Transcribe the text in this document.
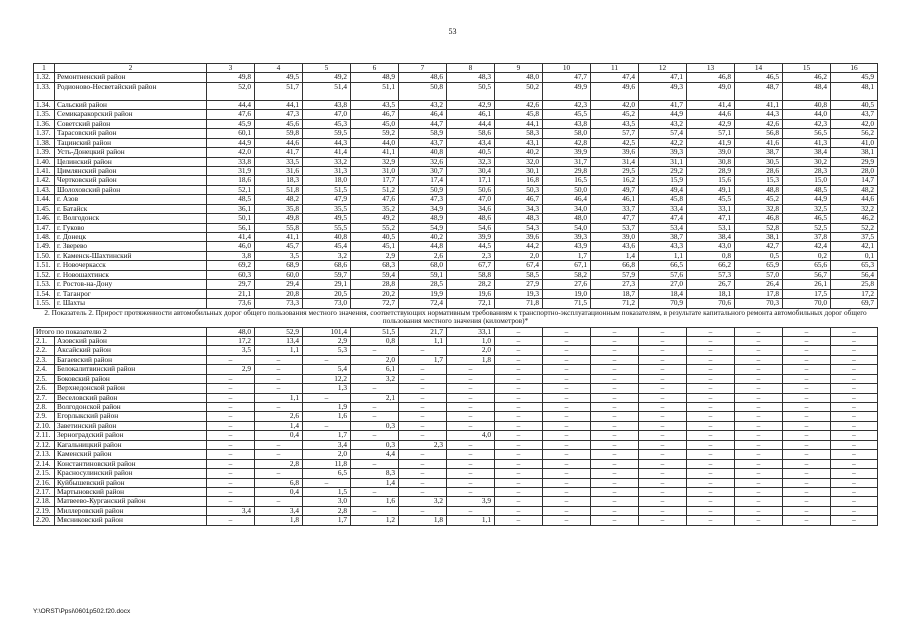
53
1	2	3	4	5	6	7	8	9	10	11	12	13	14	15	16
1.32.	Ремонтненский район	49,8	49,5	49,2	48,9	48,6	48,3	48,0	47,7	47,4	47,1	46,8	46,5	46,2	45,9
1.33.	Родионово-Несветайский район	52,0	51,7	51,4	51,1	50,8	50,5	50,2	49,9	49,6	49,3	49,0	48,7	48,4	48,1
1.34.	Сальский район	44,4	44,1	43,8	43,5	43,2	42,9	42,6	42,3	42,0	41,7	41,4	41,1	40,8	40,5
1.35.	Семикаракорский район	47,6	47,3	47,0	46,7	46,4	46,1	45,8	45,5	45,2	44,9	44,6	44,3	44,0	43,7
1.36.	Советский район	45,9	45,6	45,3	45,0	44,7	44,4	44,1	43,8	43,5	43,2	42,9	42,6	42,3	42,0
1.37.	Тарасовский район	60,1	59,8	59,5	59,2	58,9	58,6	58,3	58,0	57,7	57,4	57,1	56,8	56,5	56,2
1.38.	Тацинский район	44,9	44,6	44,3	44,0	43,7	43,4	43,1	42,8	42,5	42,2	41,9	41,6	41,3	41,0
1.39.	Усть-Донецкий район	42,0	41,7	41,4	41,1	40,8	40,5	40,2	39,9	39,6	39,3	39,0	38,7	38,4	38,1
1.40.	Целинский район	33,8	33,5	33,2	32,9	32,6	32,3	32,0	31,7	31,4	31,1	30,8	30,5	30,2	29,9
1.41.	Цимлянский район	31,9	31,6	31,3	31,0	30,7	30,4	30,1	29,8	29,5	29,2	28,9	28,6	28,3	28,0
1.42.	Чертковский район	18,6	18,3	18,0	17,7	17,4	17,1	16,8	16,5	16,2	15,9	15,6	15,3	15,0	14,7
1.43.	Шолоховский район	52,1	51,8	51,5	51,2	50,9	50,6	50,3	50,0	49,7	49,4	49,1	48,8	48,5	48,2
1.44.	г. Азов	48,5	48,2	47,9	47,6	47,3	47,0	46,7	46,4	46,1	45,8	45,5	45,2	44,9	44,6
1.45.	г. Батайск	36,1	35,8	35,5	35,2	34,9	34,6	34,3	34,0	33,7	33,4	33,1	32,8	32,5	32,2
1.46.	г. Волгодонск	50,1	49,8	49,5	49,2	48,9	48,6	48,3	48,0	47,7	47,4	47,1	46,8	46,5	46,2
1.47.	г. Гуково	56,1	55,8	55,5	55,2	54,9	54,6	54,3	54,0	53,7	53,4	53,1	52,8	52,5	52,2
1.48.	г. Донецк	41,4	41,1	40,8	40,5	40,2	39,9	39,6	39,3	39,0	38,7	38,4	38,1	37,8	37,5
1.49.	г. Зверево	46,0	45,7	45,4	45,1	44,8	44,5	44,2	43,9	43,6	43,3	43,0	42,7	42,4	42,1
1.50.	г. Каменск-Шахтинский	3,8	3,5	3,2	2,9	2,6	2,3	2,0	1,7	1,4	1,1	0,8	0,5	0,2	0,1
1.51.	г. Новочеркасск	69,2	68,9	68,6	68,3	68,0	67,7	67,4	67,1	66,8	66,5	66,2	65,9	65,6	65,3
1.52.	г. Новошахтинск	60,3	60,0	59,7	59,4	59,1	58,8	58,5	58,2	57,9	57,6	57,3	57,0	56,7	56,4
1.53.	г. Ростов-на-Дону	29,7	29,4	29,1	28,8	28,5	28,2	27,9	27,6	27,3	27,0	26,7	26,4	26,1	25,8
1.54.	г. Таганрог	21,1	20,8	20,5	20,2	19,9	19,6	19,3	19,0	18,7	18,4	18,1	17,8	17,5	17,2
1.55.	г. Шахты	73,6	73,3	73,0	72,7	72,4	72,1	71,8	71,5	71,2	70,9	70,6	70,3	70,0	69,7
2. Показатель 2. Прирост протяженности автомобильных дорог общего пользования местного значения, соответствующих нормативным требованиям к транспортно-эксплуатационным показателям, в результате капитального ремонта автомобильных дорог общего пользования местного значения (километров)*															
Итого по показателю 2		48,0	52,9	101,4	51,5	21,7	33,1	–	–	–	–	–	–	–	–
2.1.	Азовский район	17,2	13,4	2,9	0,8	1,1	1,0	–	–	–	–	–	–	–	–
2.2.	Аксайский район	3,5	1,1	5,3	–	–	2,0	–	–	–	–	–	–	–	–
2.3.	Багаевский район	–	–	–	2,0	1,7	1,8	–	–	–	–	–	–	–	–
2.4.	Белокалитвинский район	2,9	–	5,4	6,1	–	–	–	–	–	–	–	–	–	–
2.5.	Боковский район	–	–	12,2	3,2	–	–	–	–	–	–	–	–	–	–
2.6.	Верхнедонской район	–	–	1,3	–	–	–	–	–	–	–	–	–	–	–
2.7.	Веселовский район	–	1,1	–	2,1	–	–	–	–	–	–	–	–	–	–
2.8.	Волгодонской район	–	–	1,9	–	–	–	–	–	–	–	–	–	–	–
2.9.	Егорлыкский район	–	2,6	1,6	–	–	–	–	–	–	–	–	–	–	–
2.10.	Заветинский район	–	1,4	–	0,3	–	–	–	–	–	–	–	–	–	–
2.11.	Зерноградский район	–	0,4	1,7	–	–	4,0	–	–	–	–	–	–	–	–
2.12.	Кагальницкий район	–	–	3,4	0,3	2,3	–	–	–	–	–	–	–	–	–
2.13.	Каменский район	–	–	2,0	4,4	–	–	–	–	–	–	–	–	–	–
2.14.	Константиновский район	–	2,8	11,8	–	–	–	–	–	–	–	–	–	–	–
2.15.	Красносулинский район	–	–	6,5	8,3	–	–	–	–	–	–	–	–	–	–
2.16.	Куйбышевский район	–	6,8	–	1,4	–	–	–	–	–	–	–	–	–	–
2.17.	Мартыновский район	–	0,4	1,5	–	–	–	–	–	–	–	–	–	–	–
2.18.	Матвеево-Курганский район	–	–	3,0	1,6	3,2	3,9	–	–	–	–	–	–	–	–
2.19.	Миллеровский район	3,4	3,4	2,8	–	–	–	–	–	–	–	–	–	–	–
2.20.	Мясниковский район	–	1,8	1,7	1,2	1,8	1,1	–	–	–	–	–	–	–	–
Y:\ORST\Ppsi\0601p502.f20.docx
